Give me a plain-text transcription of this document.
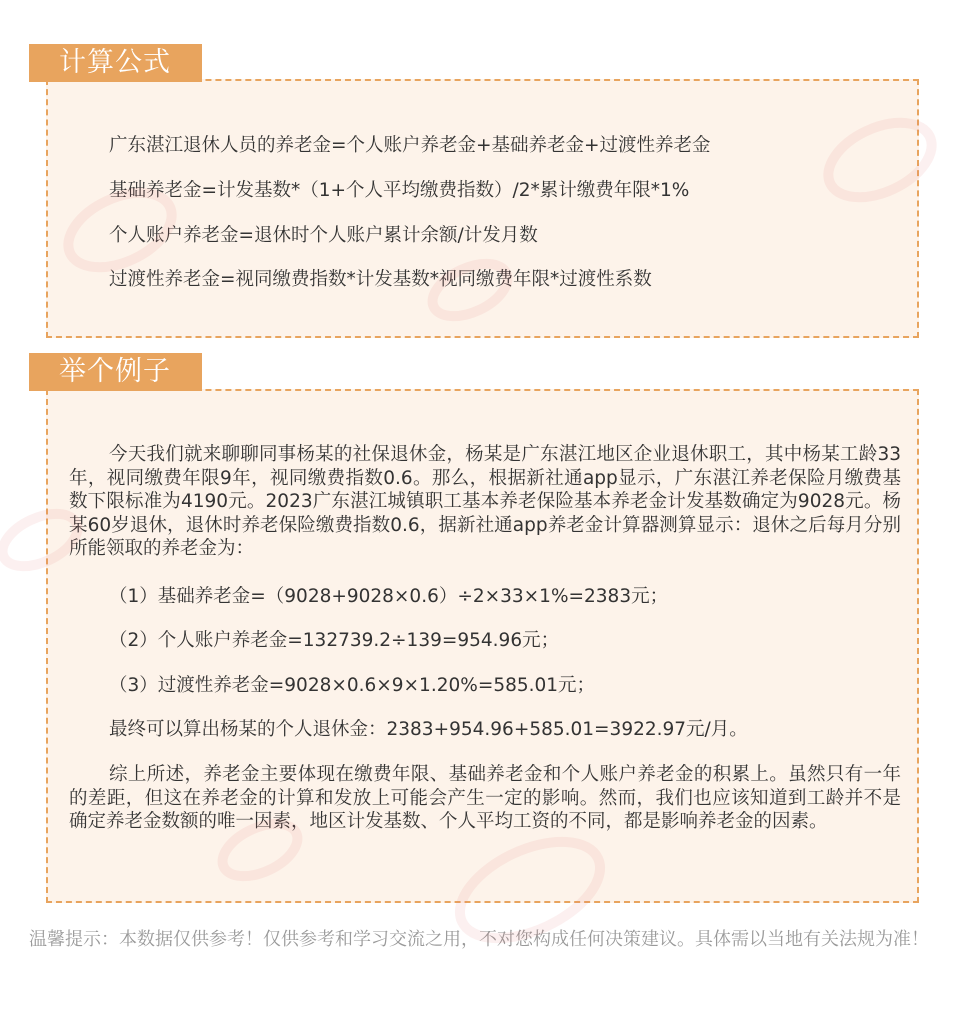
广东湛江退休人员的养老金=个人账户养老金+基础养老金+过渡性养老金
基础养老金=计发基数*（1+个人平均缴费指数）/2*累计缴费年限*1%
个人账户养老金=退休时个人账户累计余额/计发月数
过渡性养老金=视同缴费指数*计发基数*视同缴费年限*过渡性系数
计算公式
今天我们就来聊聊同事杨某的社保退休金，杨某是广东湛江地区企业退休职工，其中杨某工龄33年，视同缴费年限9年，视同缴费指数0.6。那么，根据新社通app显示，广东湛江养老保险月缴费基数下限标准为4190元。2023广东湛江城镇职工基本养老保险基本养老金计发基数确定为9028元。杨某60岁退休，退休时养老保险缴费指数0.6，据新社通app养老金计算器测算显示：退休之后每月分别所能领取的养老金为：
（1）基础养老金=（9028+9028×0.6）÷2×33×1%=2383元；
（2）个人账户养老金=132739.2÷139=954.96元；
（3）过渡性养老金=9028×0.6×9×1.20%=585.01元；
最终可以算出杨某的个人退休金：2383+954.96+585.01=3922.97元/月。
综上所述，养老金主要体现在缴费年限、基础养老金和个人账户养老金的积累上。虽然只有一年的差距，但这在养老金的计算和发放上可能会产生一定的影响。然而，我们也应该知道到工龄并不是确定养老金数额的唯一因素，地区计发基数、个人平均工资的不同，都是影响养老金的因素。
举个例子
温馨提示：本数据仅供参考！仅供参考和学习交流之用，不对您构成任何决策建议。具体需以当地有关法规为准！
